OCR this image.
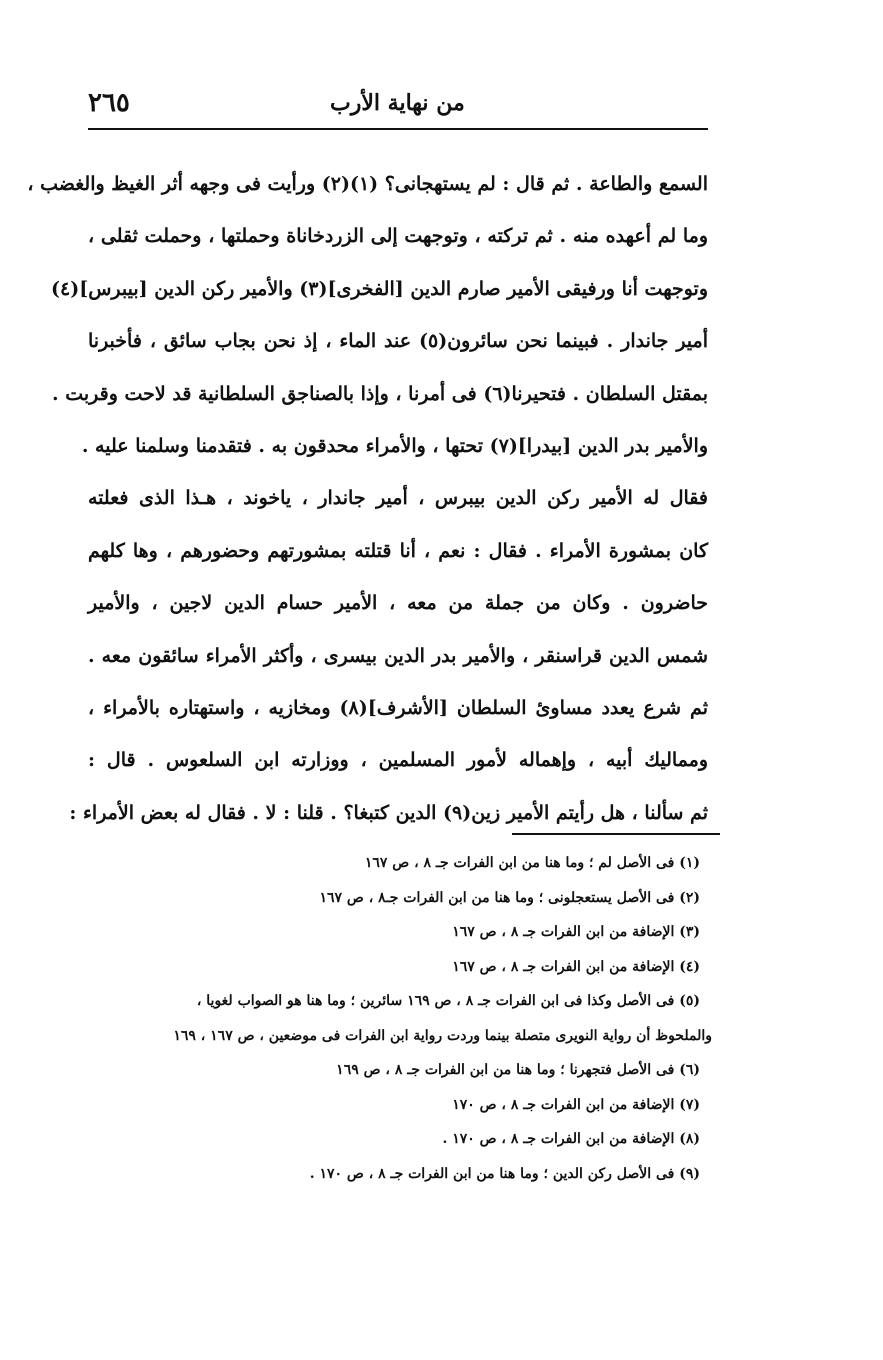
٢٦٥	من نهاية الأرب
السمع والطاعة . ثم قال : لم يستهجانى؟ (١)(٢) ورأيت فى وجهه أثر الغيظ والغضب ،
وما لم أعهده منه . ثم تركته ، وتوجهت إلى الزردخاناة وحملتها ، وحملت ثقلى ،
وتوجهت أنا ورفيقى الأمير صارم الدين [الفخرى](٣) والأمير ركن الدين [بيبرس](٤)
أمير جاندار . فبينما نحن سائرون(٥) عند الماء ، إذ نحن بجاب سائق ، فأخبرنا
بمقتل السلطان . فتحيرنا(٦) فى أمرنا ، وإذا بالصناجق السلطانية قد لاحت وقربت .
والأمير بدر الدين [بيدرا](٧) تحتها ، والأمراء محدقون به . فتقدمنا وسلمنا عليه .
فقال له الأمير ركن الدين بيبرس ، أمير جاندار ، ياخوند ، هـذا الذى فعلته
كان بمشورة الأمراء . فقال : نعم ، أنا قتلته بمشورتهم وحضورهم ، وها كلهم
حاضرون . وكان من جملة من معه ، الأمير حسام الدين لاجين ، والأمير
شمس الدين قراسنقر ، والأمير بدر الدين بيسرى ، وأكثر الأمراء سائقون معه .
ثم شرع يعدد مساوئ السلطان [الأشرف](٨) ومخازيه ، واستهتاره بالأمراء ،
ومماليك أبيه ، وإهماله لأمور المسلمين ، ووزارته ابن السلعوس . قال :
ثم سألنا ، هل رأيتم الأمير زين(٩) الدين كتبغا؟ . قلنا : لا . فقال له بعض الأمراء :
(١) فى الأصل لم ؛ وما هنا من ابن الفرات جـ ٨ ، ص ١٦٧
(٢) فى الأصل يستعجلونى ؛ وما هنا من ابن الفرات جـ٨ ، ص ١٦٧
(٣) الإضافة من ابن الفرات جـ ٨ ، ص ١٦٧
(٤) الإضافة من ابن الفرات جـ ٨ ، ص ١٦٧
(٥) فى الأصل وكذا فى ابن الفرات جـ ٨ ، ص ١٦٩ سائرين ؛ وما هنا هو الصواب لغويا ،
والملحوظ أن رواية النويرى متصلة بينما وردت رواية ابن الفرات فى موضعين ، ص ١٦٧ ، ١٦٩
(٦) فى الأصل فتجهرنا ؛ وما هنا من ابن الفرات جـ ٨ ، ص ١٦٩
(٧) الإضافة من ابن الفرات جـ ٨ ، ص ١٧٠
(٨) الإضافة من ابن الفرات جـ ٨ ، ص ١٧٠ .
(٩) فى الأصل ركن الدين ؛ وما هنا من ابن الفرات جـ ٨ ، ص ١٧٠ .
